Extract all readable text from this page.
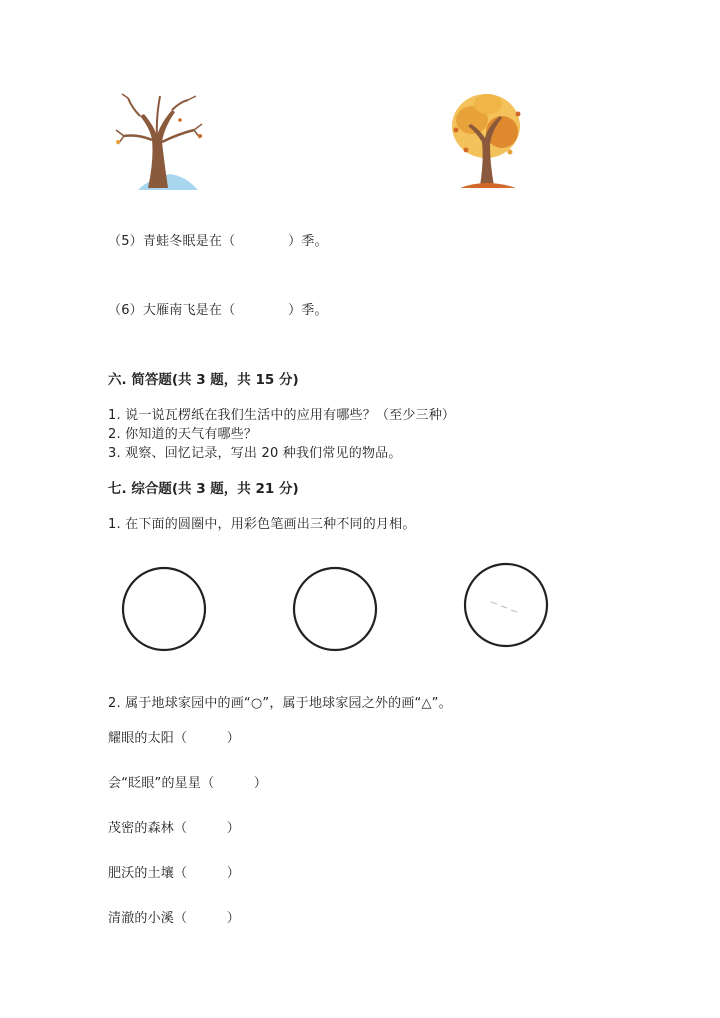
（5）青蛙冬眠是在（　　　　）季。
（6）大雁南飞是在（　　　　）季。
六. 简答题(共 3 题，共 15 分)
1. 说一说瓦楞纸在我们生活中的应用有哪些？（至少三种）
2. 你知道的天气有哪些？
3. 观察、回忆记录，写出 20 种我们常见的物品。
七. 综合题(共 3 题，共 21 分)
1. 在下面的圆圈中，用彩色笔画出三种不同的月相。
2. 属于地球家园中的画“○”，属于地球家园之外的画“△”。
耀眼的太阳（　　　）
会“眨眼”的星星（　　　）
茂密的森林（　　　）
肥沃的土壤（　　　）
清澈的小溪（　　　）
